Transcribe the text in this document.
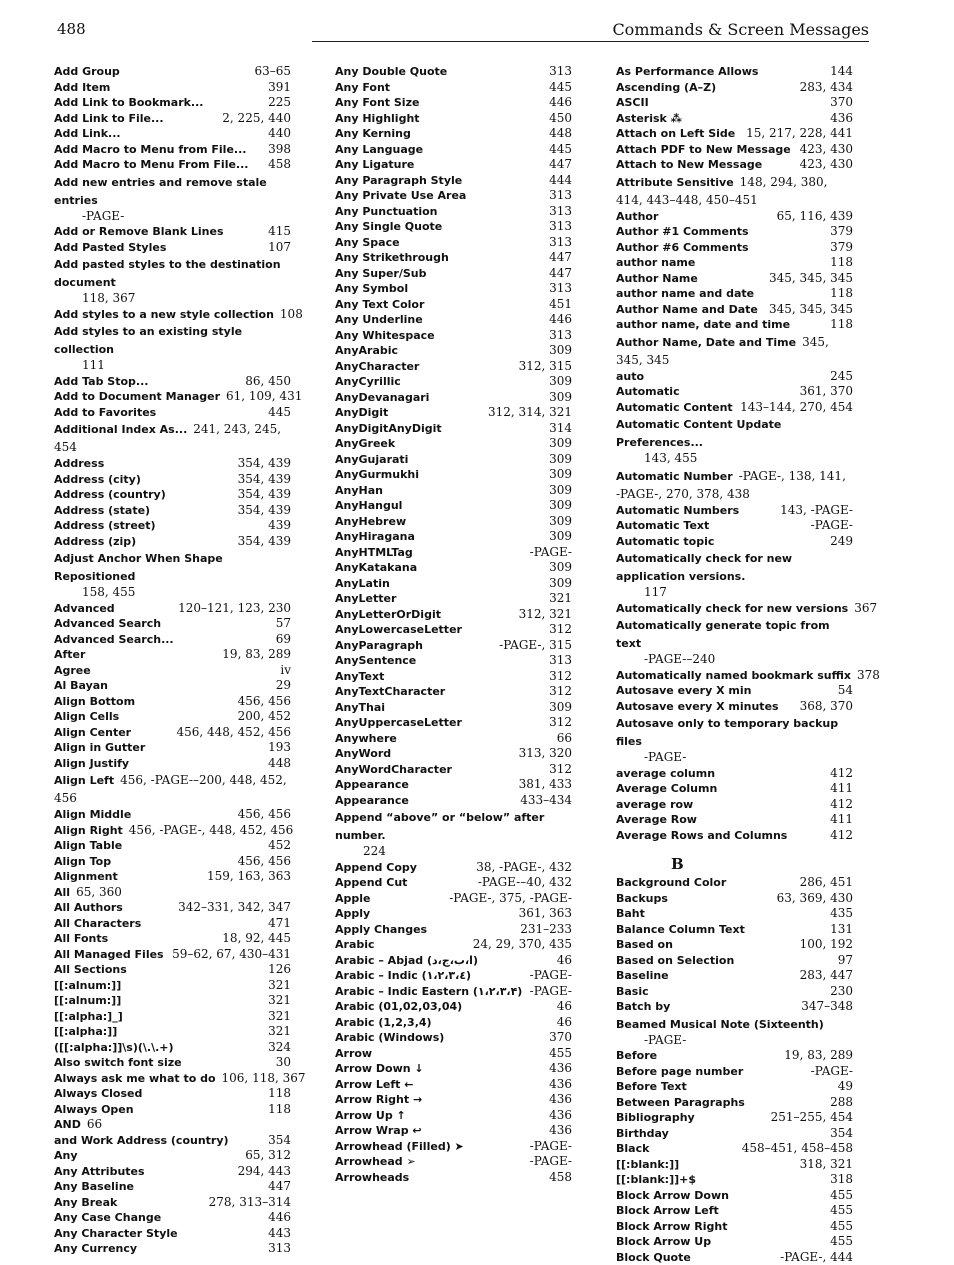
488	Commands & Screen Messages
Add Group	63–65
Add Item	391
Add Link to Bookmark...	225
Add Link to File...	2, 225, 440
Add Link...	440
Add Macro to Menu from File... 398
Add Macro to Menu From File... 458
Add new entries and remove stale entries
-PAGE-
Add or Remove Blank Lines	415
Add Pasted Styles	107
Add pasted styles to the destination document
118, 367
Add styles to a new style collection 108
Add styles to an existing style collection
111
Add Tab Stop...	86, 450
Add to Document Manager 61, 109, 431
Add to Favorites	445
Additional Index As... 241, 243, 245, 454
Address	354, 439
Address (city)	354, 439
Address (country)	354, 439
Address (state)	354, 439
Address (street)	439
Address (zip)	354, 439
Adjust Anchor When Shape Repositioned
158, 455
Advanced	120–121, 123, 230
Advanced Search	57
Advanced Search...	69
After	19, 83, 289
Agree	iv
Al Bayan	29
Align Bottom	456, 456
Align Cells	200, 452
Align Center	456, 448, 452, 456
Align in Gutter	193
Align Justify	448
Align Left 456, -PAGE-–200, 448, 452, 456
Align Middle	456, 456
Align Right 456, -PAGE-, 448, 452, 456
Align Table	452
Align Top	456, 456
Alignment	159, 163, 363
All 65, 360
All Authors	342–331, 342, 347
All Characters	471
All Fonts	18, 92, 445
All Managed Files 59–62, 67, 430–431
All Sections	126
[[:alnum:]]	321
[[:alnum:]]	321
[[:alpha:]_]	321
[[:alpha:]]	321
([[:alpha:]]\s)(\.\.+)	324
Also switch font size	30
Always ask me what to do 106, 118, 367
Always Closed	118
Always Open	118
AND 66
and Work Address (country)	354
Any	65, 312
Any Attributes	294, 443
Any Baseline	447
Any Break	278, 313–314
Any Case Change	446
Any Character Style	443
Any Currency	313
Any Double Quote	313
Any Font	445
Any Font Size	446
Any Highlight	450
Any Kerning	448
Any Language	445
Any Ligature	447
Any Paragraph Style	444
Any Private Use Area	313
Any Punctuation	313
Any Single Quote	313
Any Space	313
Any Strikethrough	447
Any Super/Sub	447
Any Symbol	313
Any Text Color	451
Any Underline	446
Any Whitespace	313
AnyArabic	309
AnyCharacter	312, 315
AnyCyrillic	309
AnyDevanagari	309
AnyDigit	312, 314, 321
AnyDigitAnyDigit	314
AnyGreek	309
AnyGujarati	309
AnyGurmukhi	309
AnyHan	309
AnyHangul	309
AnyHebrew	309
AnyHiragana	309
AnyHTMLTag	-PAGE-
AnyKatakana	309
AnyLatin	309
AnyLetter	321
AnyLetterOrDigit	312, 321
AnyLowercaseLetter	312
AnyParagraph	-PAGE-, 315
AnySentence	313
AnyText	312
AnyTextCharacter	312
AnyThai	309
AnyUppercaseLetter	312
Anywhere	66
AnyWord	313, 320
AnyWordCharacter	312
Appearance	381, 433
Appearance	433–434
Append “above” or “below” after number.
224
Append Copy	38, -PAGE-, 432
Append Cut	-PAGE-–40, 432
Apple	-PAGE-, 375, -PAGE-
Apply	361, 363
Apply Changes	231–233
Arabic	24, 29, 370, 435
Arabic – Abjad (ا،ب،ج،د)	46
Arabic – Indic (١،٢،٣،٤)	-PAGE-
Arabic – Indic Eastern (۱،۲،۳،۴) -PAGE-
Arabic (01,02,03,04)	46
Arabic (1,2,3,4)	46
Arabic (Windows)	370
Arrow	455
Arrow Down ↓	436
Arrow Left ←	436
Arrow Right →	436
Arrow Up ↑	436
Arrow Wrap ↩	436
Arrowhead (Filled) ➤	-PAGE-
Arrowhead ➢	-PAGE-
Arrowheads	458
As Performance Allows	144
Ascending (A–Z)	283, 434
ASCII	370
Asterisk ⁂	436
Attach on Left Side 15, 217, 228, 441
Attach PDF to New Message 423, 430
Attach to New Message	423, 430
Attribute Sensitive 148, 294, 380, 414, 443–448, 450–451
Author	65, 116, 439
Author #1 Comments	379
Author #6 Comments	379
author name	118
Author Name	345, 345, 345
author name and date	118
Author Name and Date 345, 345, 345
author name, date and time	118
Author Name, Date and Time 345, 345, 345
auto	245
Automatic	361, 370
Automatic Content 143–144, 270, 454
Automatic Content Update Preferences...
143, 455
Automatic Number -PAGE-, 138, 141, -PAGE-, 270, 378, 438
Automatic Numbers	143, -PAGE-
Automatic Text	-PAGE-
Automatic topic	249
Automatically check for new application versions.
117
Automatically check for new versions 367
Automatically generate topic from text
-PAGE-–240
Automatically named bookmark suffix 378
Autosave every X min	54
Autosave every X minutes 368, 370
Autosave only to temporary backup files
-PAGE-
average column	412
Average Column	411
average row	412
Average Row	411
Average Rows and Columns	412
B
Background Color	286, 451
Backups	63, 369, 430
Baht	435
Balance Column Text	131
Based on	100, 192
Based on Selection	97
Baseline	283, 447
Basic	230
Batch by	347–348
Beamed Musical Note (Sixteenth)
-PAGE-
Before	19, 83, 289
Before page number	-PAGE-
Before Text	49
Between Paragraphs	288
Bibliography	251–255, 454
Birthday	354
Black	458–451, 458–458
[[:blank:]]	318, 321
[[:blank:]]+$	318
Block Arrow Down	455
Block Arrow Left	455
Block Arrow Right	455
Block Arrow Up	455
Block Quote	-PAGE-, 444
